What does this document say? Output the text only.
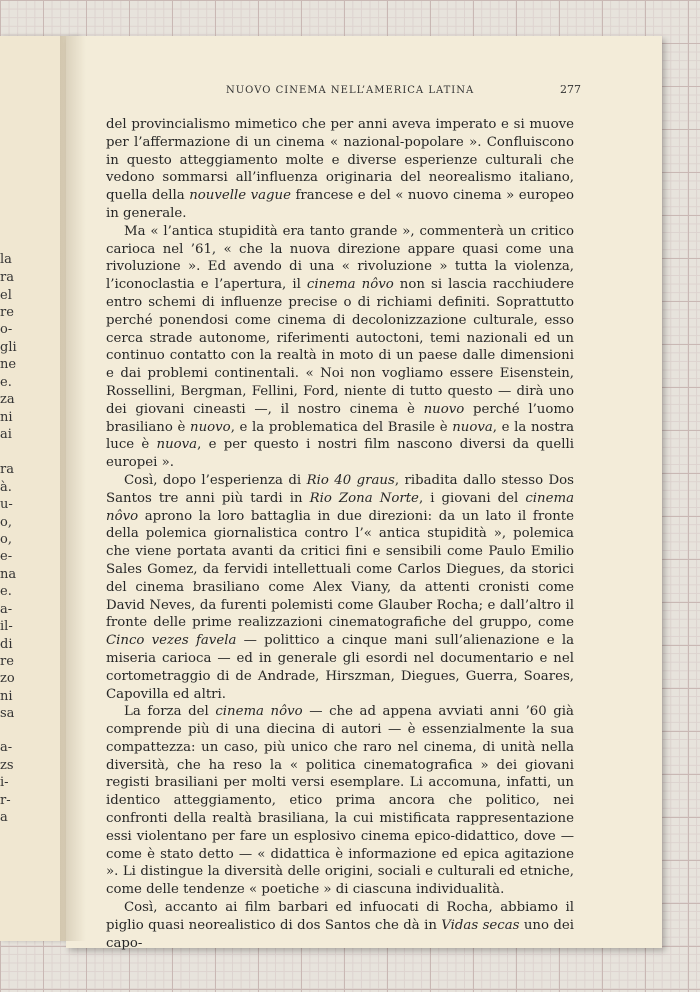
la
ra
el
re
o-
gli
ne
e.
za
ni
ai
ra
à.
u-
o,
o,
e-
na
e.
a-
il-
di
re
zo
ni
sa
a-
zs
i-
r-
a
NUOVO CINEMA NELL’AMERICA LATINA	277

del provincialismo mimetico che per anni aveva imperato e si muove per l’affermazione di un cinema « nazional-popolare ». Confluiscono in questo atteggiamento molte e diverse esperienze culturali che vedono sommarsi all’influenza originaria del neorealismo italiano, quella della nouvelle vague francese e del « nuovo cinema » europeo in generale.

Ma « l’antica stupidità era tanto grande », commenterà un critico carioca nel ’61, « che la nuova direzione appare quasi come una rivoluzione ». Ed avendo di una « rivoluzione » tutta la violenza, l’iconoclastia e l’apertura, il cinema nôvo non si lascia racchiudere entro schemi di influenze precise o di richiami definiti. Soprattutto perché ponendosi come cinema di decolonizzazione culturale, esso cerca strade autonome, riferimenti autoctoni, temi nazionali ed un continuo contatto con la realtà in moto di un paese dalle dimensioni e dai problemi continentali. « Noi non vogliamo essere Eisenstein, Rossellini, Bergman, Fellini, Ford, niente di tutto questo — dirà uno dei giovani cineasti —, il nostro cinema è nuovo perché l’uomo brasiliano è nuovo, e la problematica del Brasile è nuova, e la nostra luce è nuova, e per questo i nostri film nascono diversi da quelli europei ».

Così, dopo l’esperienza di Rio 40 graus, ribadita dallo stesso Dos Santos tre anni più tardi in Rio Zona Norte, i giovani del cinema nôvo aprono la loro battaglia in due direzioni: da un lato il fronte della polemica giornalistica contro l’« antica stupidità », polemica che viene portata avanti da critici fini e sensibili come Paulo Emilio Sales Gomez, da fervidi intellettuali come Carlos Diegues, da storici del cinema brasiliano come Alex Viany, da attenti cronisti come David Neves, da furenti polemisti come Glauber Rocha; e dall’altro il fronte delle prime realizzazioni cinematografiche del gruppo, come Cinco vezes favela — polittico a cinque mani sull’alienazione e la miseria carioca — ed in generale gli esordi nel documentario e nel cortometraggio di de Andrade, Hirszman, Diegues, Guerra, Soares, Capovilla ed altri.

La forza del cinema nôvo — che ad appena avviati anni ’60 già comprende più di una diecina di autori — è essenzialmente la sua compattezza: un caso, più unico che raro nel cinema, di unità nella diversità, che ha reso la « politica cinematografica » dei giovani registi brasiliani per molti versi esemplare. Li accomuna, infatti, un identico atteggiamento, etico prima ancora che politico, nei confronti della realtà brasiliana, la cui mistificata rappresentazione essi violentano per fare un esplosivo cinema epico-didattico, dove — come è stato detto — « didattica è informazione ed epica agitazione ». Li distingue la diversità delle origini, sociali e culturali ed etniche, come delle tendenze « poetiche » di ciascuna individualità.

Così, accanto ai film barbari ed infuocati di Rocha, abbiamo il piglio quasi neorealistico di dos Santos che dà in Vidas secas uno dei capo-
